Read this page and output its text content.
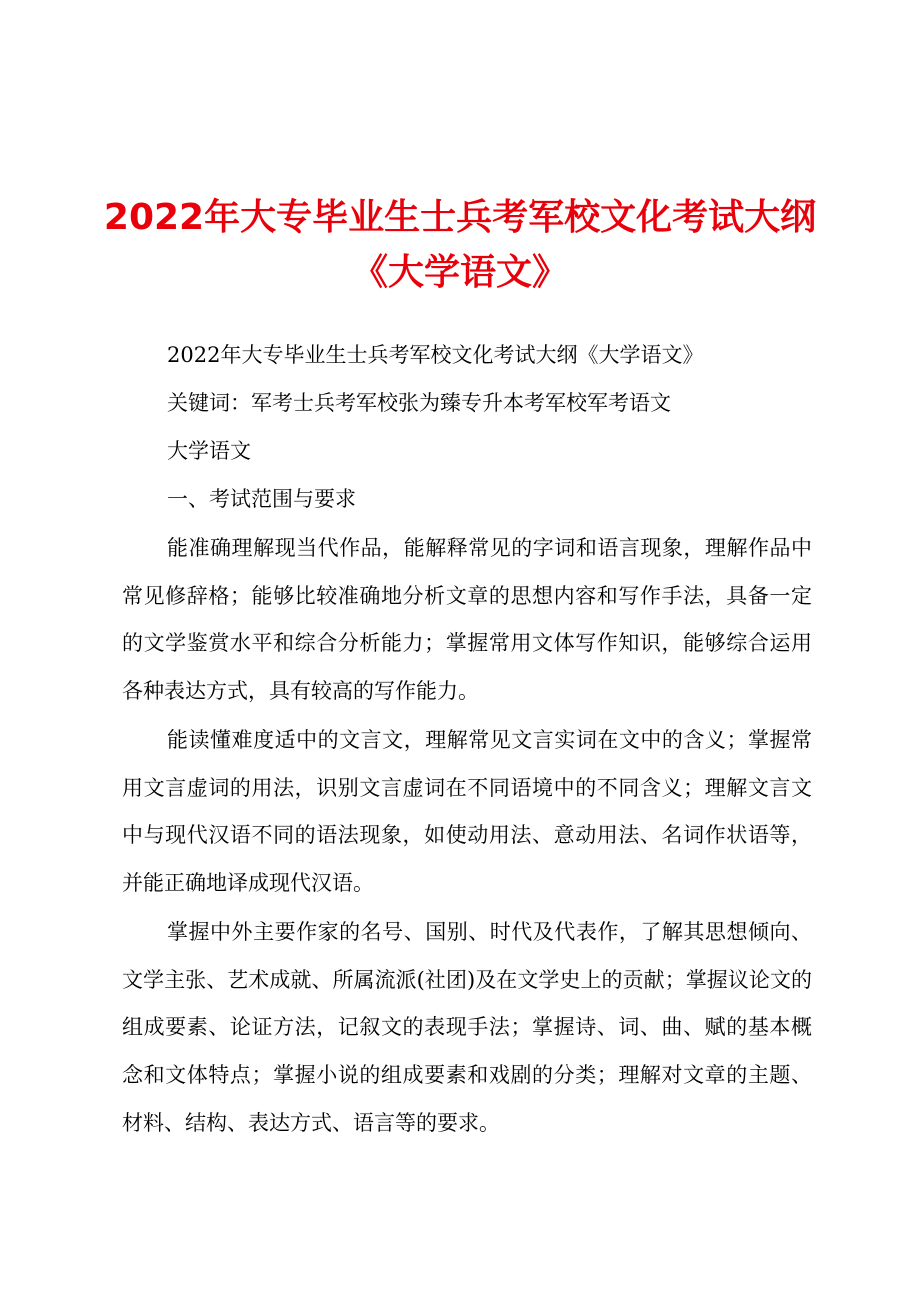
2022年大专毕业生士兵考军校文化考试大纲
《大学语文》

2022年大专毕业生士兵考军校文化考试大纲《大学语文》

关键词：军考士兵考军校张为臻专升本考军校军考语文

大学语文

一、考试范围与要求

能准确理解现当代作品，能解释常见的字词和语言现象，理解作品中常见修辞格；能够比较准确地分析文章的思想内容和写作手法，具备一定的文学鉴赏水平和综合分析能力；掌握常用文体写作知识，能够综合运用各种表达方式，具有较高的写作能力。

能读懂难度适中的文言文，理解常见文言实词在文中的含义；掌握常用文言虚词的用法，识别文言虚词在不同语境中的不同含义；理解文言文中与现代汉语不同的语法现象，如使动用法、意动用法、名词作状语等，并能正确地译成现代汉语。

掌握中外主要作家的名号、国别、时代及代表作，了解其思想倾向、文学主张、艺术成就、所属流派(社团)及在文学史上的贡献；掌握议论文的组成要素、论证方法，记叙文的表现手法；掌握诗、词、曲、赋的基本概念和文体特点；掌握小说的组成要素和戏剧的分类；理解对文章的主题、材料、结构、表达方式、语言等的要求。
